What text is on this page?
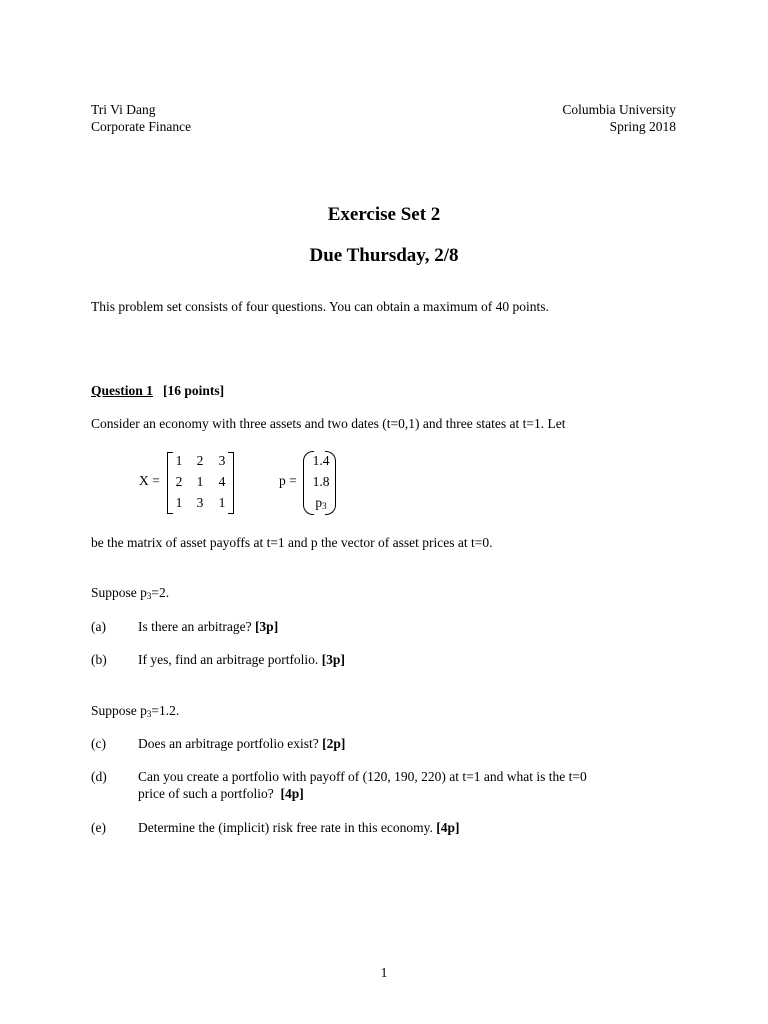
Tri Vi Dang
Corporate Finance
Columbia University
Spring 2018
Exercise Set 2
Due Thursday, 2/8
This problem set consists of four questions. You can obtain a maximum of 40 points.
Question 1 [16 points]
Consider an economy with three assets and two dates (t=0,1) and three states at t=1. Let
X =
1	2	3
2	1	4
1	3	1
p =
1.4
1.8
$p_3$
be the matrix of asset payoffs at t=1 and p the vector of asset prices at t=0.
Suppose $p_3=2$.
(a) Is there an arbitrage? [3p]
(b) If yes, find an arbitrage portfolio. [3p]
Suppose $p_3=1.2$.
(c) Does an arbitrage portfolio exist? [2p]
(d) Can you create a portfolio with payoff of (120, 190, 220) at t=1 and what is the t=0
price of such a portfolio? [4p]
(e) Determine the (implicit) risk free rate in this economy. [4p]
1
